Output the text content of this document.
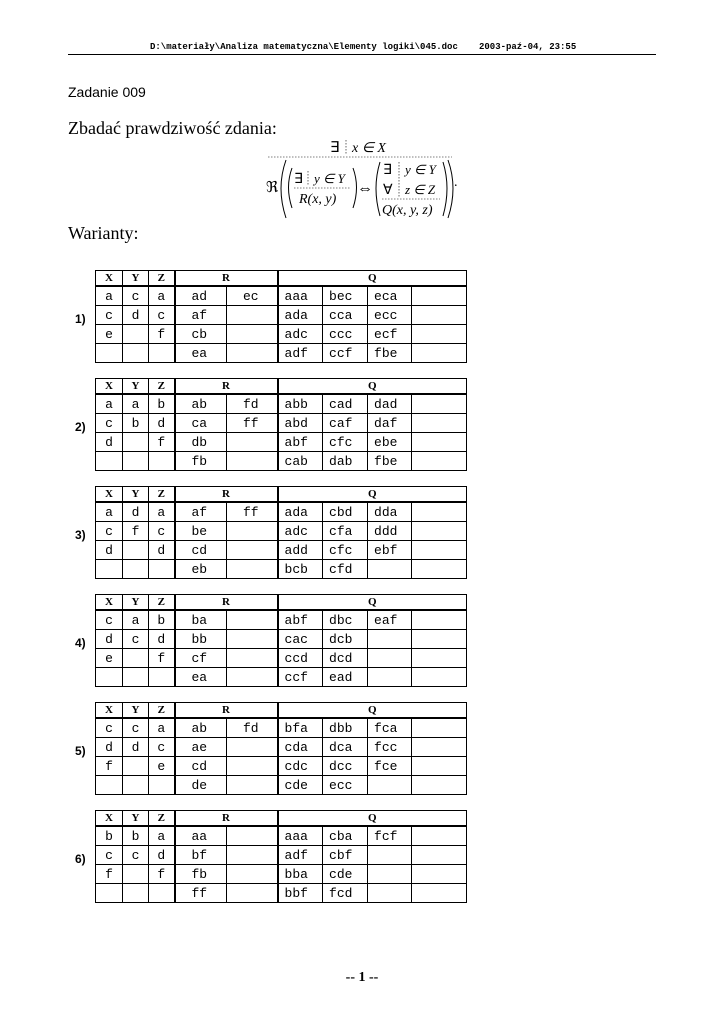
D:\materiały\Analiza matematyczna\Elementy logiki\045.doc 2003-paź-04, 23:55
Zadanie 009
Zbadać prawdziwość zdania:
∃ x ∈ X
ℜ
∃ y ∈ Y
R(x, y)
⇔
∃ y ∈ Y
∀ z ∈ Z
Q(x, y, z)
.
Warianty:
1)
X	Y	Z	R		Q			
a	c	a	ad	ec	aaa	bec	eca	
c	d	c	af		ada	cca	ecc	
e		f	cb		adc	ccc	ecf	
			ea		adf	ccf	fbe	
2)
X	Y	Z	R		Q			
a	a	b	ab	fd	abb	cad	dad	
c	b	d	ca	ff	abd	caf	daf	
d		f	db		abf	cfc	ebe	
			fb		cab	dab	fbe	
3)
X	Y	Z	R		Q			
a	d	a	af	ff	ada	cbd	dda	
c	f	c	be		adc	cfa	ddd	
d		d	cd		add	cfc	ebf	
			eb		bcb	cfd		
4)
X	Y	Z	R		Q			
c	a	b	ba		abf	dbc	eaf	
d	c	d	bb		cac	dcb		
e		f	cf		ccd	dcd		
			ea		ccf	ead		
5)
X	Y	Z	R		Q			
c	c	a	ab	fd	bfa	dbb	fca	
d	d	c	ae		cda	dca	fcc	
f		e	cd		cdc	dcc	fce	
			de		cde	ecc		
6)
X	Y	Z	R		Q			
b	b	a	aa		aaa	cba	fcf	
c	c	d	bf		adf	cbf		
f		f	fb		bba	cde		
			ff		bbf	fcd		
-- 1 --
